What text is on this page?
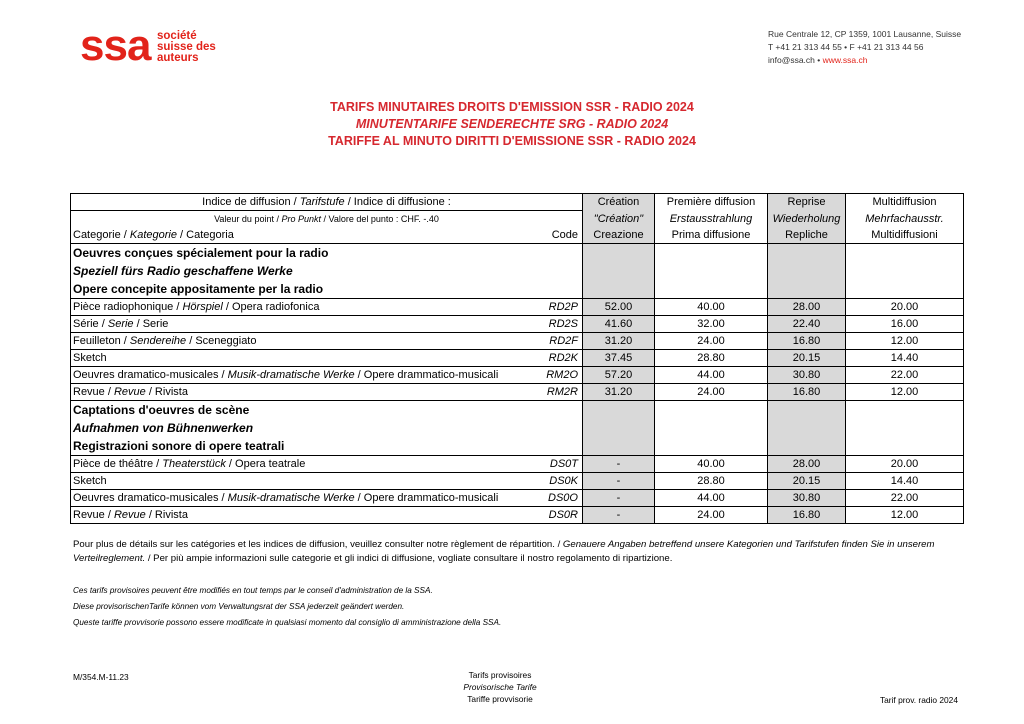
ssa société
suisse des
auteurs
Rue Centrale 12, CP 1359, 1001 Lausanne, Suisse
T +41 21 313 44 55 • F +41 21 313 44 56
info@ssa.ch • www.ssa.ch
TARIFS MINUTAIRES DROITS D'EMISSION SSR - RADIO 2024
MINUTENTARIFE SENDERECHTE SRG - RADIO 2024
TARIFFE AL MINUTO DIRITTI D'EMISSIONE SSR - RADIO 2024
Indice de diffusion / Tarifstufe / Indice di diffusione :	Création	Première diffusion	Reprise	Multidiffusion
Valeur du point / Pro Punkt / Valore del punto : CHF. -.40	"Création"	Erstausstrahlung	Wiederholung	Mehrfachausstr.
Categorie / Kategorie / Categoria Code	Creazione	Prima diffusione	Repliche	Multidiffusioni
Oeuvres conçues spécialement pour la radio				
Speziell fürs Radio geschaffene Werke				
Opere concepite appositamente per la radio				
Pièce radiophonique / Hörspiel / Opera radiofonica RD2P	52.00	40.00	28.00	20.00
Série / Serie / Serie RD2S	41.60	32.00	22.40	16.00
Feuilleton / Sendereihe / Sceneggiato RD2F	31.20	24.00	16.80	12.00
Sketch RD2K	37.45	28.80	20.15	14.40
Oeuvres dramatico-musicales / Musik-dramatische Werke / Opere drammatico-musicali RM2O	57.20	44.00	30.80	22.00
Revue / Revue / Rivista RM2R	31.20	24.00	16.80	12.00
Captations d'oeuvres de scène				
Aufnahmen von Bühnenwerken				
Registrazioni sonore di opere teatrali				
Pièce de théâtre / Theaterstück / Opera teatrale DS0T	-	40.00	28.00	20.00
Sketch DS0K	-	28.80	20.15	14.40
Oeuvres dramatico-musicales / Musik-dramatische Werke / Opere drammatico-musicali DS0O	-	44.00	30.80	22.00
Revue / Revue / Rivista DS0R	-	24.00	16.80	12.00
Pour plus de détails sur les catégories et les indices de diffusion, veuillez consulter notre règlement de répartition. / Genauere Angaben betreffend unsere Kategorien und Tarifstufen finden Sie in unserem Verteilreglement. / Per più ampie informazioni sulle categorie et gli indici di diffusione, vogliate consultare il nostro regolamento di ripartizione.
Ces tarifs provisoires peuvent être modifiés en tout temps par le conseil d'administration de la SSA.
Diese provisorischenTarife können vom Verwaltungsrat der SSA jederzeit geändert werden.
Queste tariffe provvisorie possono essere modificate in qualsiasi momento dal consiglio di amministrazione della SSA.
M/354.M-11.23	Tarifs provisoires
Provisorische Tarife
Tariffe provvisorie	Tarif prov. radio 2024
